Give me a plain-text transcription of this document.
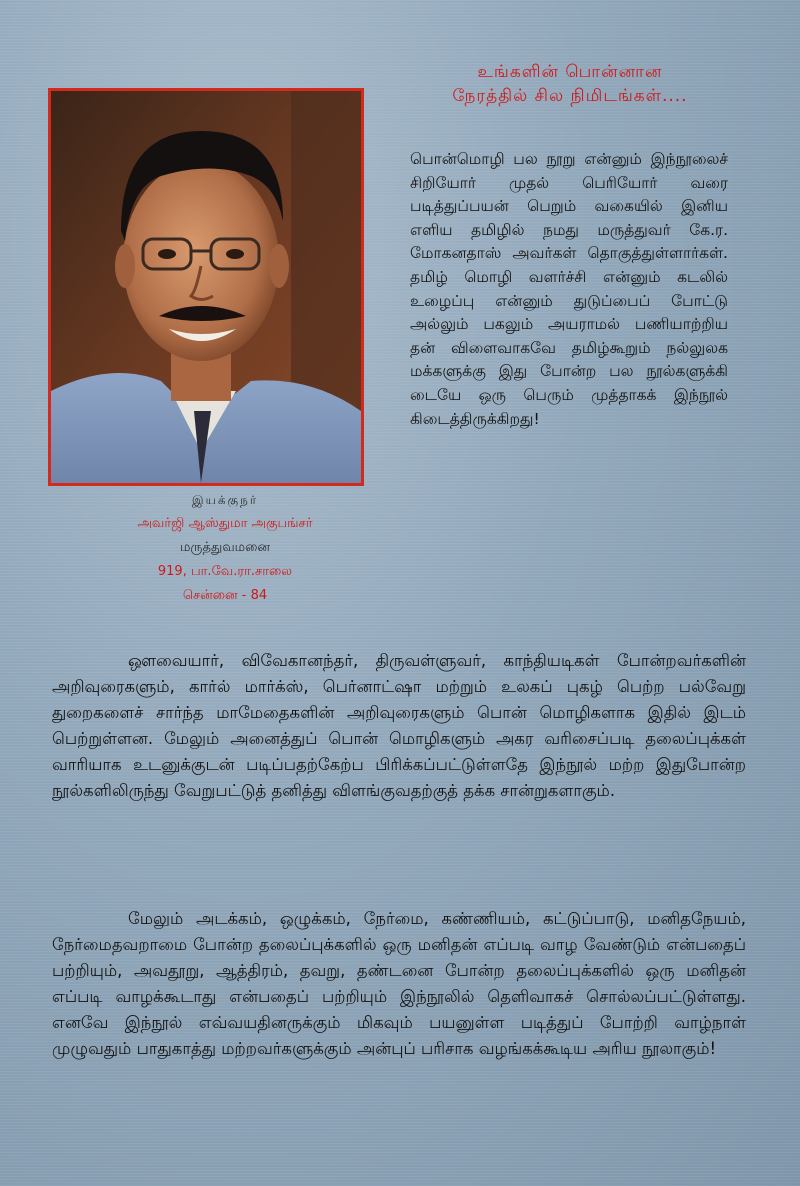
உங்களின் பொன்னான
நேரத்தில் சில நிமிடங்கள்....
இயக்குநர்
அவர்ஜி ஆஸ்துமா அகுபங்சர்
மருத்துவமனை
919, பா.வே.ரா.சாலை
சென்னை - 84
பொன்மொழி பல நூறு என்னும் இந்நூலைச் சிறியோர் முதல் பெரியோர் வரை படித்துப்பயன் பெறும் வகையில் இனிய எளிய தமிழில் நமது மருத்துவர் கே.ர. மோகனதாஸ் அவர்கள் தொகுத்துள்ளார்கள். தமிழ் மொழி வளர்ச்சி என்னும் கடலில் உழைப்பு என்னும் துடுப்பைப் போட்டு அல்லும் பகலும் அயராமல் பணியாற்றிய தன் விளைவாகவே தமிழ்கூறும் நல்லுலக மக்களுக்கு இது போன்ற பல நூல்களுக்கி டையே ஒரு பெரும் முத்தாகக் இந்நூல் கிடைத்திருக்கிறது!
ஔவையார், விவேகானந்தர், திருவள்ளுவர், காந்தியடிகள் போன்றவர்களின் அறிவுரைகளும், கார்ல் மார்க்ஸ், பெர்னாட்ஷா மற்றும் உலகப் புகழ் பெற்ற பல்வேறு துறைகளைச் சார்ந்த மாமேதைகளின் அறிவுரைகளும் பொன் மொழிகளாக இதில் இடம் பெற்றுள்ளன. மேலும் அனைத்துப் பொன் மொழிகளும் அகர வரிசைப்படி தலைப்புக்கள் வாரியாக உடனுக்குடன் படிப்பதற்கேற்ப பிரிக்கப்பட்டுள்ளதே இந்நூல் மற்ற இதுபோன்ற நூல்களிலிருந்து வேறுபட்டுத் தனித்து விளங்குவதற்குத் தக்க சான்றுகளாகும்.
மேலும் அடக்கம், ஒழுக்கம், நேர்மை, கண்ணியம், கட்டுப்பாடு, மனிதநேயம், நேர்மைதவறாமை போன்ற தலைப்புக்களில் ஒரு மனிதன் எப்படி வாழ வேண்டும் என்பதைப் பற்றியும், அவதூறு, ஆத்திரம், தவறு, தண்டனை போன்ற தலைப்புக்களில் ஒரு மனிதன் எப்படி வாழக்கூடாது என்பதைப் பற்றியும் இந்நூலில் தெளிவாகச் சொல்லப்பட்டுள்ளது. எனவே இந்நூல் எவ்வயதினருக்கும் மிகவும் பயனுள்ள படித்துப் போற்றி வாழ்நாள் முழுவதும் பாதுகாத்து மற்றவர்களுக்கும் அன்புப் பரிசாக வழங்கக்கூடிய அரிய நூலாகும்!
